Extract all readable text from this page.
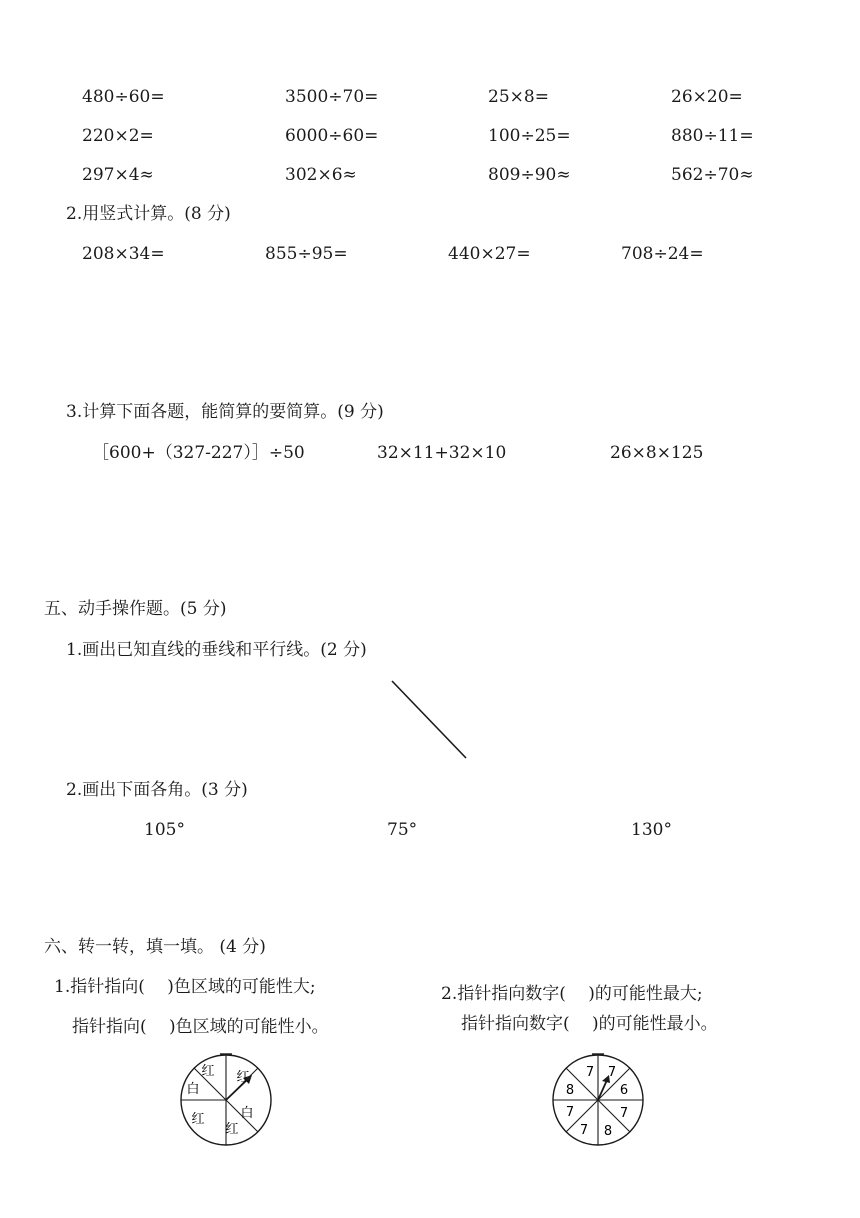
480÷60=	3500÷70=	25×8=	26×20=
220×2=	6000÷60=	100÷25=	880÷11=
297×4≈	302×6≈	809÷90≈	562÷70≈
2.用竖式计算。(8 分)
208×34=	855÷95=	440×27=	708÷24=
3.计算下面各题，能简算的要简算。(9 分)
［600+（327-227）］÷50	32×11+32×10	26×8×125
五、动手操作题。(5 分)
1.画出已知直线的垂线和平行线。(2 分)
2.画出下面各角。(3 分)
105°	75°	130°
六、转一转，填一填。 (4 分)
1.指针指向(　 )色区域的可能性大;
指针指向(　 )色区域的可能性小。
2.指针指向数字(　 )的可能性最大;
指针指向数字(　 )的可能性最小。
红 红
白
红
红
白
7 7
6
7
8
7
7
8
